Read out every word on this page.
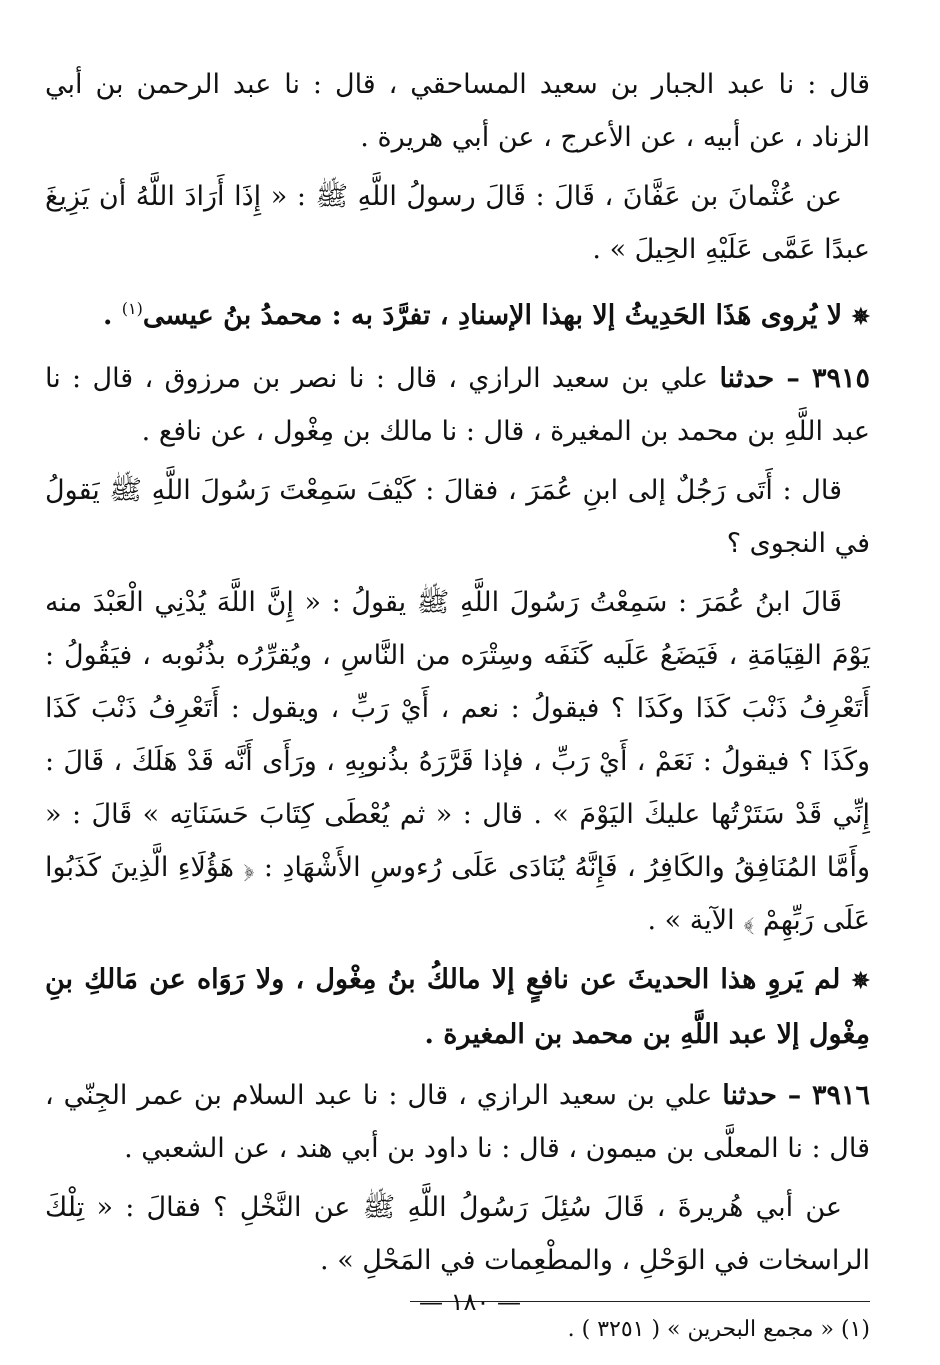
قال : نا عبد الجبار بن سعيد المساحقي ، قال : نا عبد الرحمن بن أبي الزناد ، عن أبيه ، عن الأعرج ، عن أبي هريرة .

عن عُثْمانَ بن عَفَّانَ ، قَالَ : قَالَ رسولُ اللَّهِ ﷺ : « إِذَا أَرَادَ اللَّهُ أن يَزِيغَ عبدًا عَمَّى عَلَيْهِ الحِيلَ » .

✵ لا يُروى هَذَا الحَدِيثُ إلا بهذا الإسنادِ ، تفرَّدَ به : محمدُ بنُ عيسى$^{(١)}$ .

٣٩١٥ – حدثنا علي بن سعيد الرازي ، قال : نا نصر بن مرزوق ، قال : نا عبد اللَّهِ بن محمد بن المغيرة ، قال : نا مالك بن مِغْول ، عن نافع .

قال : أَتَى رَجُلٌ إلى ابنِ عُمَرَ ، فقالَ : كَيْفَ سَمِعْتَ رَسُولَ اللَّهِ ﷺ يَقولُ في النجوى ؟

قَالَ ابنُ عُمَرَ : سَمِعْتُ رَسُولَ اللَّهِ ﷺ يقولُ : « إِنَّ اللَّهَ يُدْنِي الْعَبْدَ منه يَوْمَ القِيَامَةِ ، فَيَضَعُ عَلَيه كَنَفَه وسِتْرَه من النَّاسِ ، ويُقرِّرُه بذُنُوبه ، فيَقُولُ : أَتَعْرِفُ ذَنْبَ كَذَا وكَذَا ؟ فيقولُ : نعم ، أَيْ رَبِّ ، ويقول : أَتَعْرِفُ ذَنْبَ كَذَا وكَذَا ؟ فيقولُ : نَعَمْ ، أَيْ رَبِّ ، فإذا قَرَّرَهُ بذُنوبِهِ ، ورَأَى أَنَّه قَدْ هَلَكَ ، قَالَ : إِنِّي قَدْ سَتَرْتُها عليكَ اليَوْمَ » . قال : « ثم يُعْطَى كِتَابَ حَسَنَاتِه » قَالَ : « وأَمَّا المُنَافِقُ والكَافِرُ ، فَإِنَّهُ يُنَادَى عَلَى رُءوسِ الأَشْهَادِ : ﴿ هَؤُلَاءِ الَّذِينَ كَذَبُوا عَلَى رَبِّهِمْ ﴾ الآية » .

✵ لم يَروِ هذا الحديثَ عن نافعٍ إلا مالكُ بنُ مِغْول ، ولا رَوَاه عن مَالكِ بنِ مِغْول إلا عبد اللَّهِ بن محمد بن المغيرة .

٣٩١٦ – حدثنا علي بن سعيد الرازي ، قال : نا عبد السلام بن عمر الجِنّي ، قال : نا المعلَّى بن ميمون ، قال : نا داود بن أبي هند ، عن الشعبي .

عن أبي هُريرةَ ، قَالَ سُئِلَ رَسُولُ اللَّهِ ﷺ عن النَّخْلِ ؟ فقالَ : « تِلْكَ الراسخات في الوَحْلِ ، والمطْعِمات في المَحْلِ » .

(١) « مجمع البحرين » ( ٣٢٥١ ) .
— ١٨٠ —
